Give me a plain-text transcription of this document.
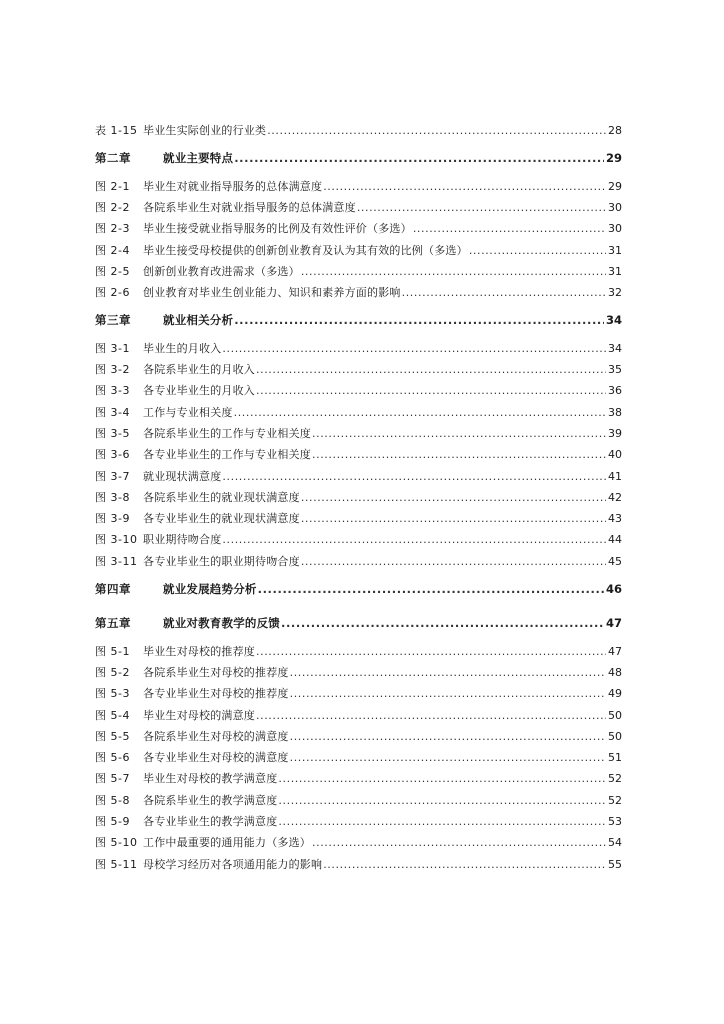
表 1-15 毕业生实际创业的行业类 .....	28
第二章	就业主要特点 .....	29
图 2-1	毕业生对就业指导服务的总体满意度 .....	29
图 2-2	各院系毕业生对就业指导服务的总体满意度 .....	30
图 2-3	毕业生接受就业指导服务的比例及有效性评价（多选） .....	30
图 2-4	毕业生接受母校提供的创新创业教育及认为其有效的比例（多选） .....	31
图 2-5	创新创业教育改进需求（多选） .....	31
图 2-6	创业教育对毕业生创业能力、知识和素养方面的影响 .....	32
第三章	就业相关分析 .....	34
图 3-1	毕业生的月收入 .....	34
图 3-2	各院系毕业生的月收入 .....	35
图 3-3	各专业毕业生的月收入 .....	36
图 3-4	工作与专业相关度 .....	38
图 3-5	各院系毕业生的工作与专业相关度 .....	39
图 3-6	各专业毕业生的工作与专业相关度 .....	40
图 3-7	就业现状满意度 .....	41
图 3-8	各院系毕业生的就业现状满意度 .....	42
图 3-9	各专业毕业生的就业现状满意度 .....	43
图 3-10 职业期待吻合度 .....	44
图 3-11 各专业毕业生的职业期待吻合度 .....	45
第四章	就业发展趋势分析 .....	46
第五章	就业对教育教学的反馈 .....	47
图 5-1	毕业生对母校的推荐度 .....	47
图 5-2	各院系毕业生对母校的推荐度 .....	48
图 5-3	各专业毕业生对母校的推荐度 .....	49
图 5-4	毕业生对母校的满意度 .....	50
图 5-5	各院系毕业生对母校的满意度 .....	50
图 5-6	各专业毕业生对母校的满意度 .....	51
图 5-7	毕业生对母校的教学满意度 .....	52
图 5-8	各院系毕业生的教学满意度 .....	52
图 5-9	各专业毕业生的教学满意度 .....	53
图 5-10 工作中最重要的通用能力（多选） .....	54
图 5-11 母校学习经历对各项通用能力的影响 .....	55
